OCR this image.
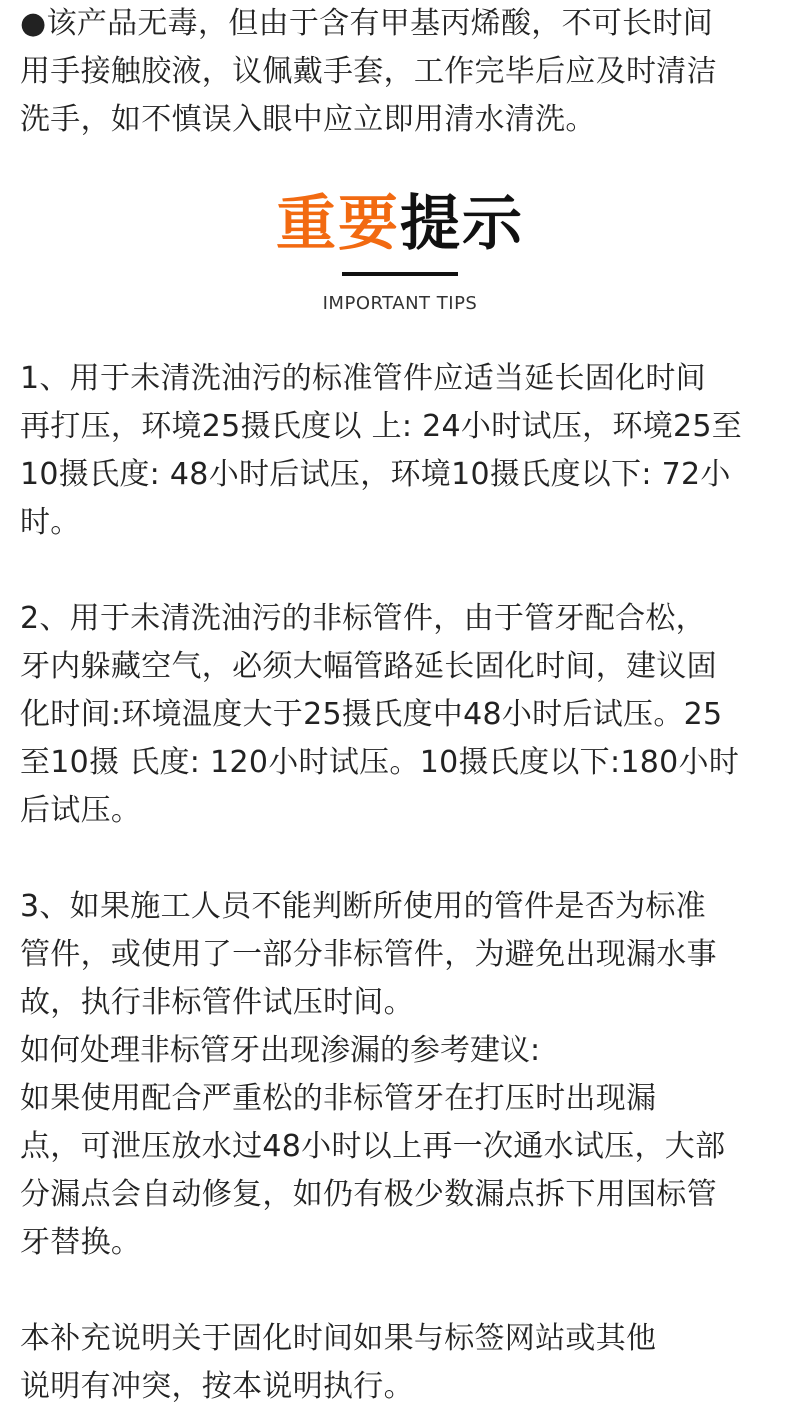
●该产品无毒，但由于含有甲基丙烯酸，不可长时间
用手接触胶液，议佩戴手套，工作完毕后应及时清洁
洗手，如不慎误入眼中应立即用清水清洗。

重要提示
IMPORTANT TIPS

1、用于未清洗油污的标准管件应适当延长固化时间
再打压，环境25摄氏度以 上: 24小时试压，环境25至
10摄氏度: 48小时后试压，环境10摄氏度以下: 72小
时。

2、用于未清洗油污的非标管件，由于管牙配合松，
牙内躲藏空气，必须大幅管路延长固化时间，建议固
化时间:环境温度大于25摄氏度中48小时后试压。25
至10摄 氏度: 120小时试压。10摄氏度以下:180小时
后试压。

3、如果施工人员不能判断所使用的管件是否为标准
管件，或使用了一部分非标管件，为避免出现漏水事
故，执行非标管件试压时间。

如何处理非标管牙出现渗漏的参考建议:

如果使用配合严重松的非标管牙在打压时出现漏
点，可泄压放水过48小时以上再一次通水试压，大部
分漏点会自动修复，如仍有极少数漏点拆下用国标管
牙替换。

本补充说明关于固化时间如果与标签网站或其他
说明有冲突，按本说明执行。
